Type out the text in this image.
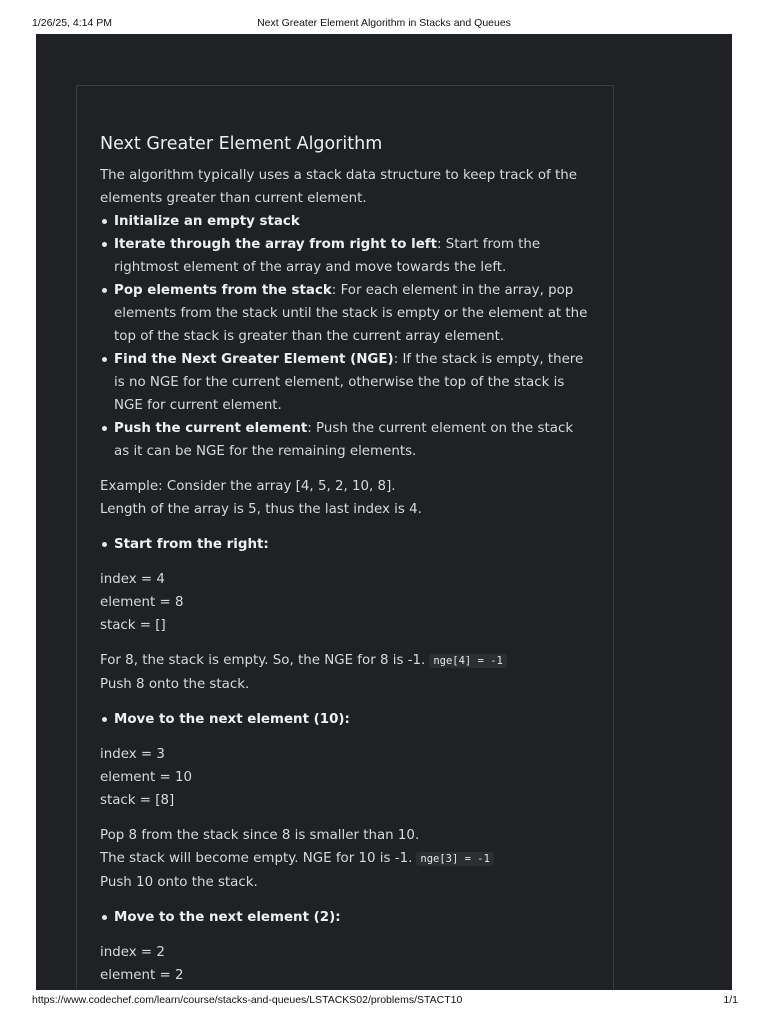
1/26/25, 4:14 PM	Next Greater Element Algorithm in Stacks and Queues
Next Greater Element Algorithm

The algorithm typically uses a stack data structure to keep track of the elements greater than current element.

Initialize an empty stack
Iterate through the array from right to left: Start from the rightmost element of the array and move towards the left.
Pop elements from the stack: For each element in the array, pop elements from the stack until the stack is empty or the element at the top of the stack is greater than the current array element.
Find the Next Greater Element (NGE): If the stack is empty, there is no NGE for the current element, otherwise the top of the stack is NGE for current element.
Push the current element: Push the current element on the stack as it can be NGE for the remaining elements.

Example: Consider the array [4, 5, 2, 10, 8].

Length of the array is 5, thus the last index is 4.

Start from the right:

index = 4

element = 8

stack = []

For 8, the stack is empty. So, the NGE for 8 is -1. nge[4] = -1

Push 8 onto the stack.

Move to the next element (10):

index = 3

element = 10

stack = [8]

Pop 8 from the stack since 8 is smaller than 10.

The stack will become empty. NGE for 10 is -1. nge[3] = -1

Push 10 onto the stack.

Move to the next element (2):

index = 2

element = 2

https://www.codechef.com/learn/course/stacks-and-queues/LSTACKS02/problems/STACT10	1/1
